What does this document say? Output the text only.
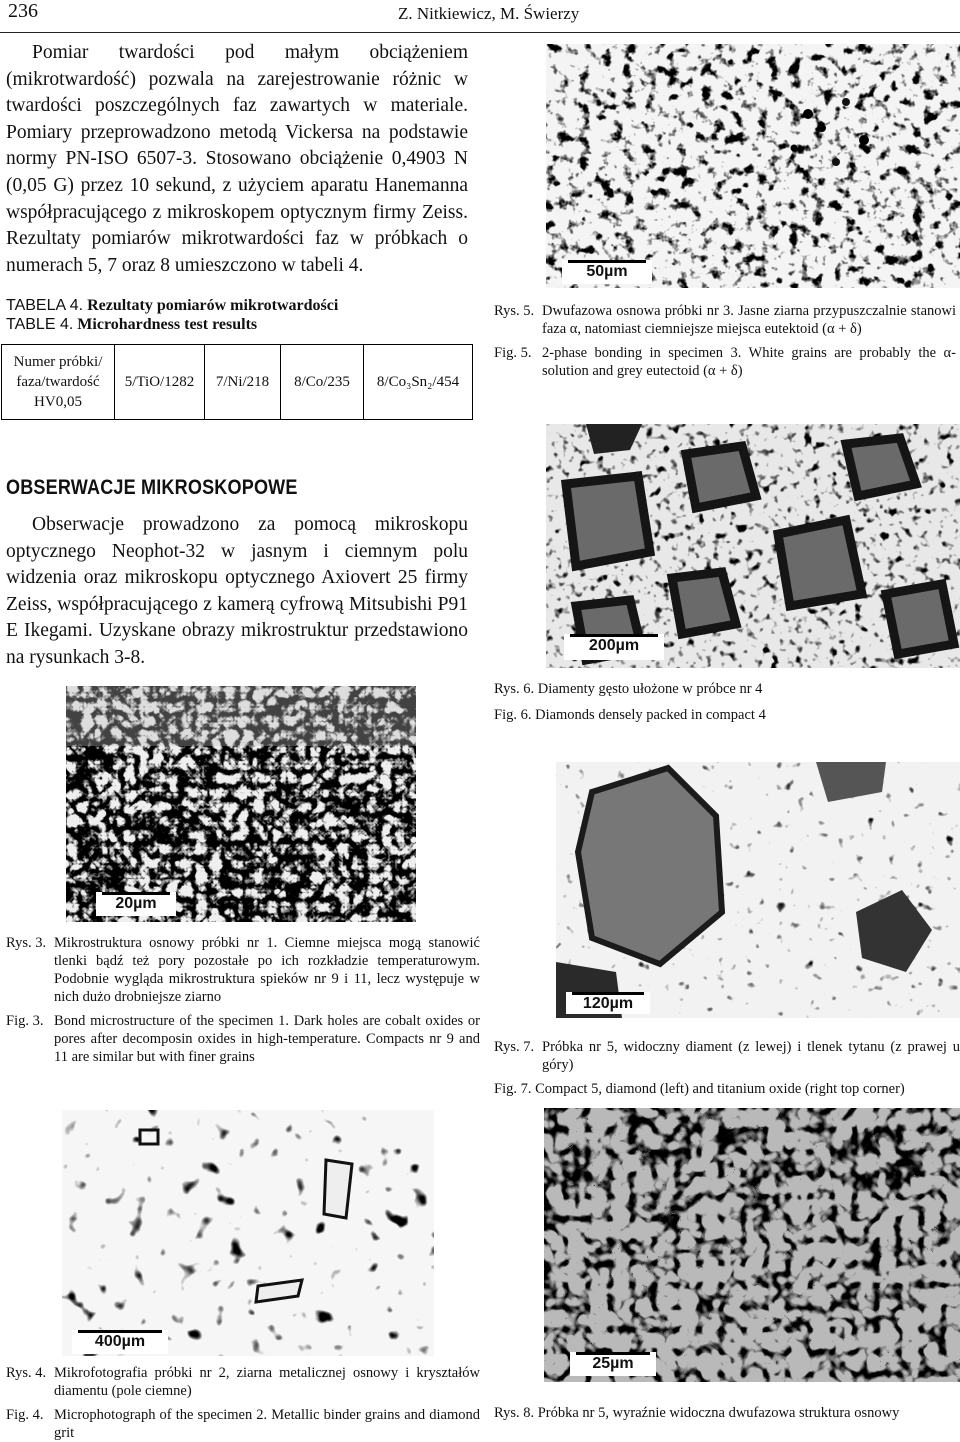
236	Z. Nitkiewicz, M. Świerzy

Pomiar twardości pod małym obciążeniem (mikrotwardość) pozwala na zarejestrowanie różnic w twardości poszczególnych faz zawartych w materiale. Pomiary przeprowadzono metodą Vickersa na podstawie normy PN-ISO 6507-3. Stosowano obciążenie 0,4903 N (0,05 G) przez 10 sekund, z użyciem aparatu Hanemanna współpracującego z mikroskopem optycznym firmy Zeiss. Rezultaty pomiarów mikrotwardości faz w próbkach o numerach 5, 7 oraz 8 umieszczono w tabeli 4.

TABELA 4. Rezultaty pomiarów mikrotwardości
TABLE 4. Microhardness test results
Numer próbki/
faza/twardość
HV0,05
	5/TiO/1282	7/Ni/218	8/Co/235	8/Co₃Sn₂/454
OBSERWACJE MIKROSKOPOWE

Obserwacje prowadzono za pomocą mikroskopu optycznego Neophot-32 w jasnym i ciemnym polu widzenia oraz mikroskopu optycznego Axiovert 25 firmy Zeiss, współpracującego z kamerą cyfrową Mitsubishi P91 E Ikegami. Uzyskane obrazy mikrostruktur przedstawiono na rysunkach 3-8.

50µm
Rys. 5. Dwufazowa osnowa próbki nr 3. Jasne ziarna przypuszczalnie stanowi faza α, natomiast ciemniejsze miejsca eutektoid (α + δ)
Fig. 5. 2-phase bonding in specimen 3. White grains are probably the α-solution and grey eutectoid (α + δ)
200µm
Rys. 6. Diamenty gęsto ułożone w próbce nr 4
Fig. 6. Diamonds densely packed in compact 4
20µm
Rys. 3. Mikrostruktura osnowy próbki nr 1. Ciemne miejsca mogą stanowić tlenki bądź też pory pozostałe po ich rozkładzie temperaturowym. Podobnie wygląda mikrostruktura spieków nr 9 i 11, lecz występuje w nich dużo drobniejsze ziarno
Fig. 3. Bond microstructure of the specimen 1. Dark holes are cobalt oxides or pores after decomposin oxides in high-temperature. Compacts nr 9 and 11 are similar but with finer grains
120µm
Rys. 7. Próbka nr 5, widoczny diament (z lewej) i tlenek tytanu (z prawej u góry)
Fig. 7. Compact 5, diamond (left) and titanium oxide (right top corner)
400µm
Rys. 4. Mikrofotografia próbki nr 2, ziarna metalicznej osnowy i kryształów diamentu (pole ciemne)
Fig. 4. Microphotograph of the specimen 2. Metallic binder grains and diamond grit
25µm
Rys. 8. Próbka nr 5, wyraźnie widoczna dwufazowa struktura osnowy
